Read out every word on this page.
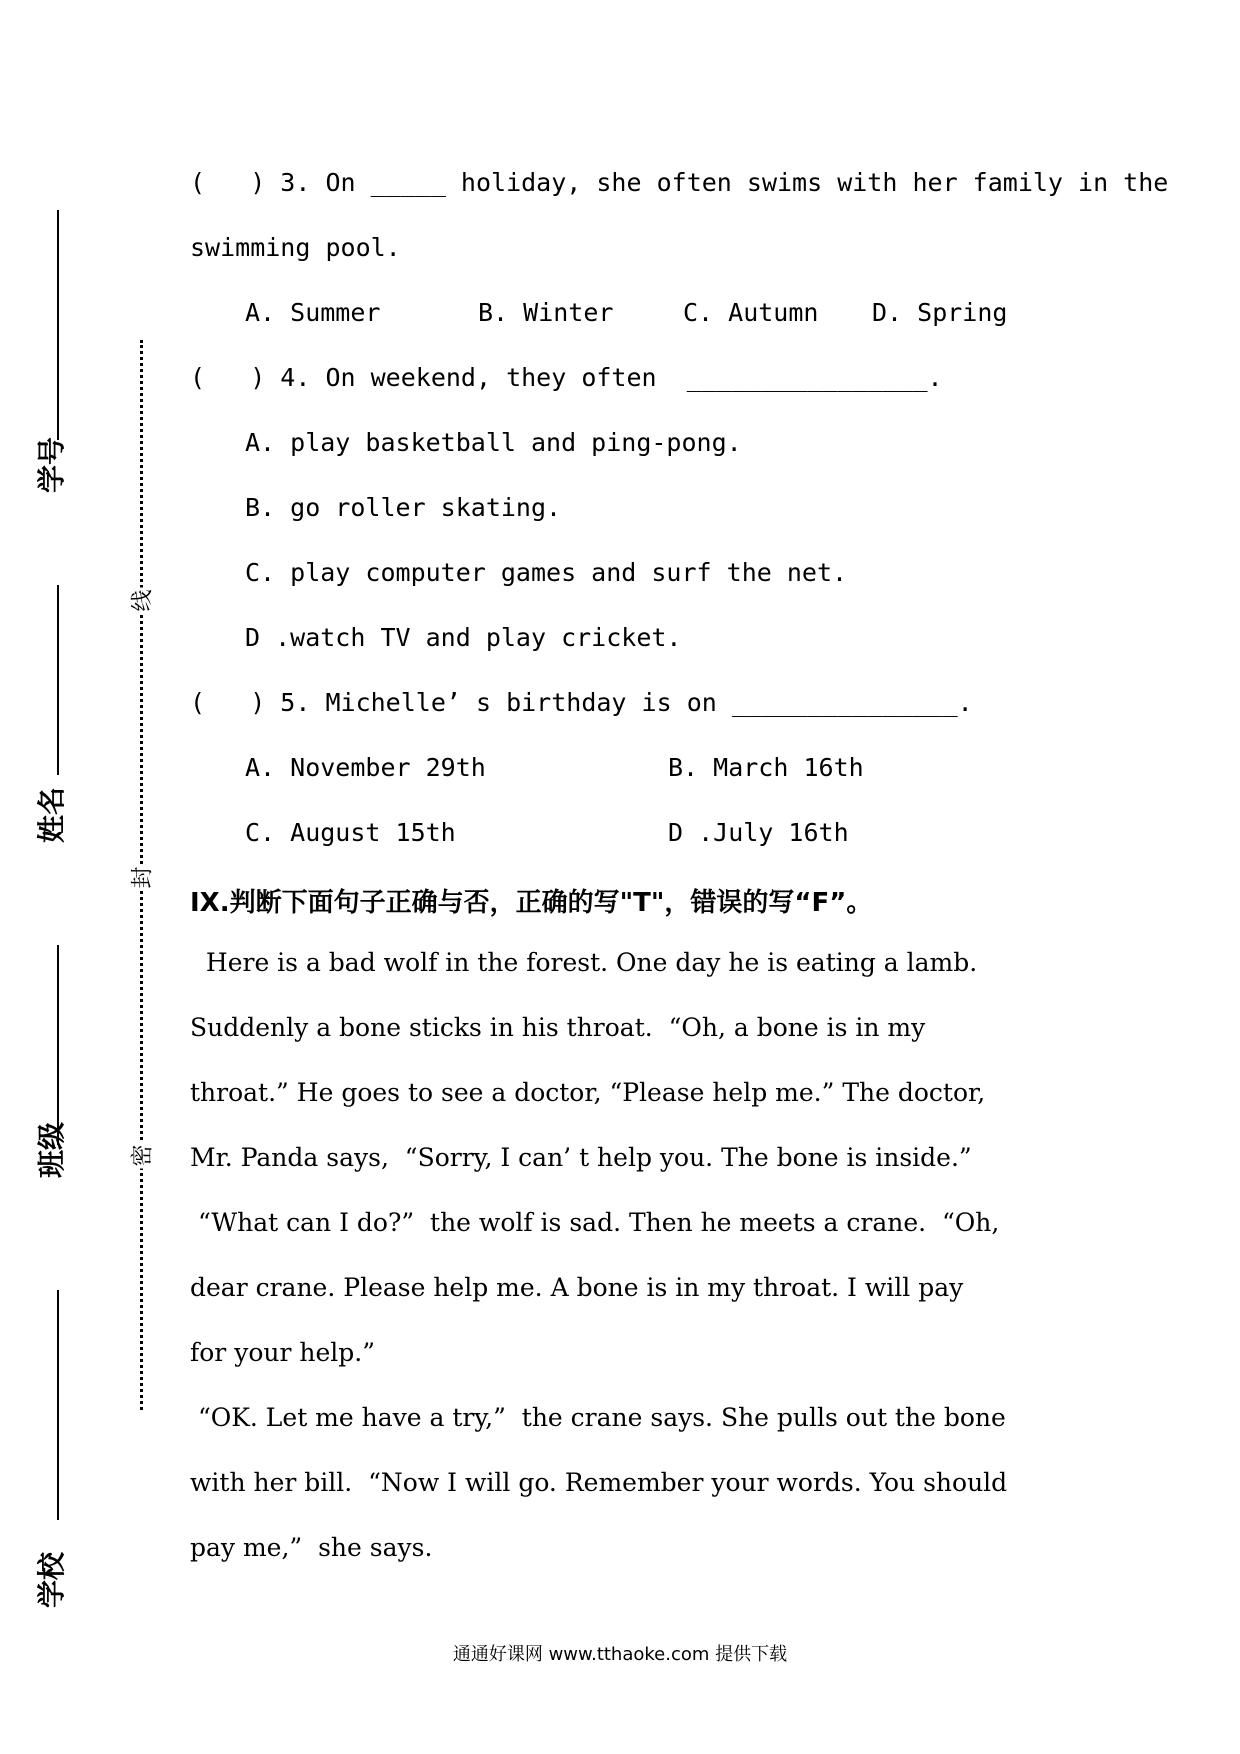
学号
姓名
班级
学校
线
封
密
(   ) 3. On _____ holiday, she often swims with her family in the
swimming pool.
A. Summer	B. Winter	C. Autumn D. Spring
(   ) 4. On weekend, they often  ________________.
A. play basketball and ping-pong.
B. go roller skating.
C. play computer games and surf the net.
D .watch TV and play cricket.
(   ) 5. Michelle’ s birthday is on _______________.
A. November 29th	B. March 16th
C. August 15th	D .July 16th
IX.判断下面句子正确与否，正确的写"T"，错误的写“F”。
Here is a bad wolf in the forest. One day he is eating a lamb.
Suddenly a bone sticks in his throat.  “Oh, a bone is in my
throat.” He goes to see a doctor, “Please help me.” The doctor,
Mr. Panda says,  “Sorry, I can’ t help you. The bone is inside.”
“What can I do?”  the wolf is sad. Then he meets a crane.  “Oh,
dear crane. Please help me. A bone is in my throat. I will pay
for your help.”
“OK. Let me have a try,”  the crane says. She pulls out the bone
with her bill.  “Now I will go. Remember your words. You should
pay me,”  she says.
通通好课网 www.tthaoke.com 提供下载
